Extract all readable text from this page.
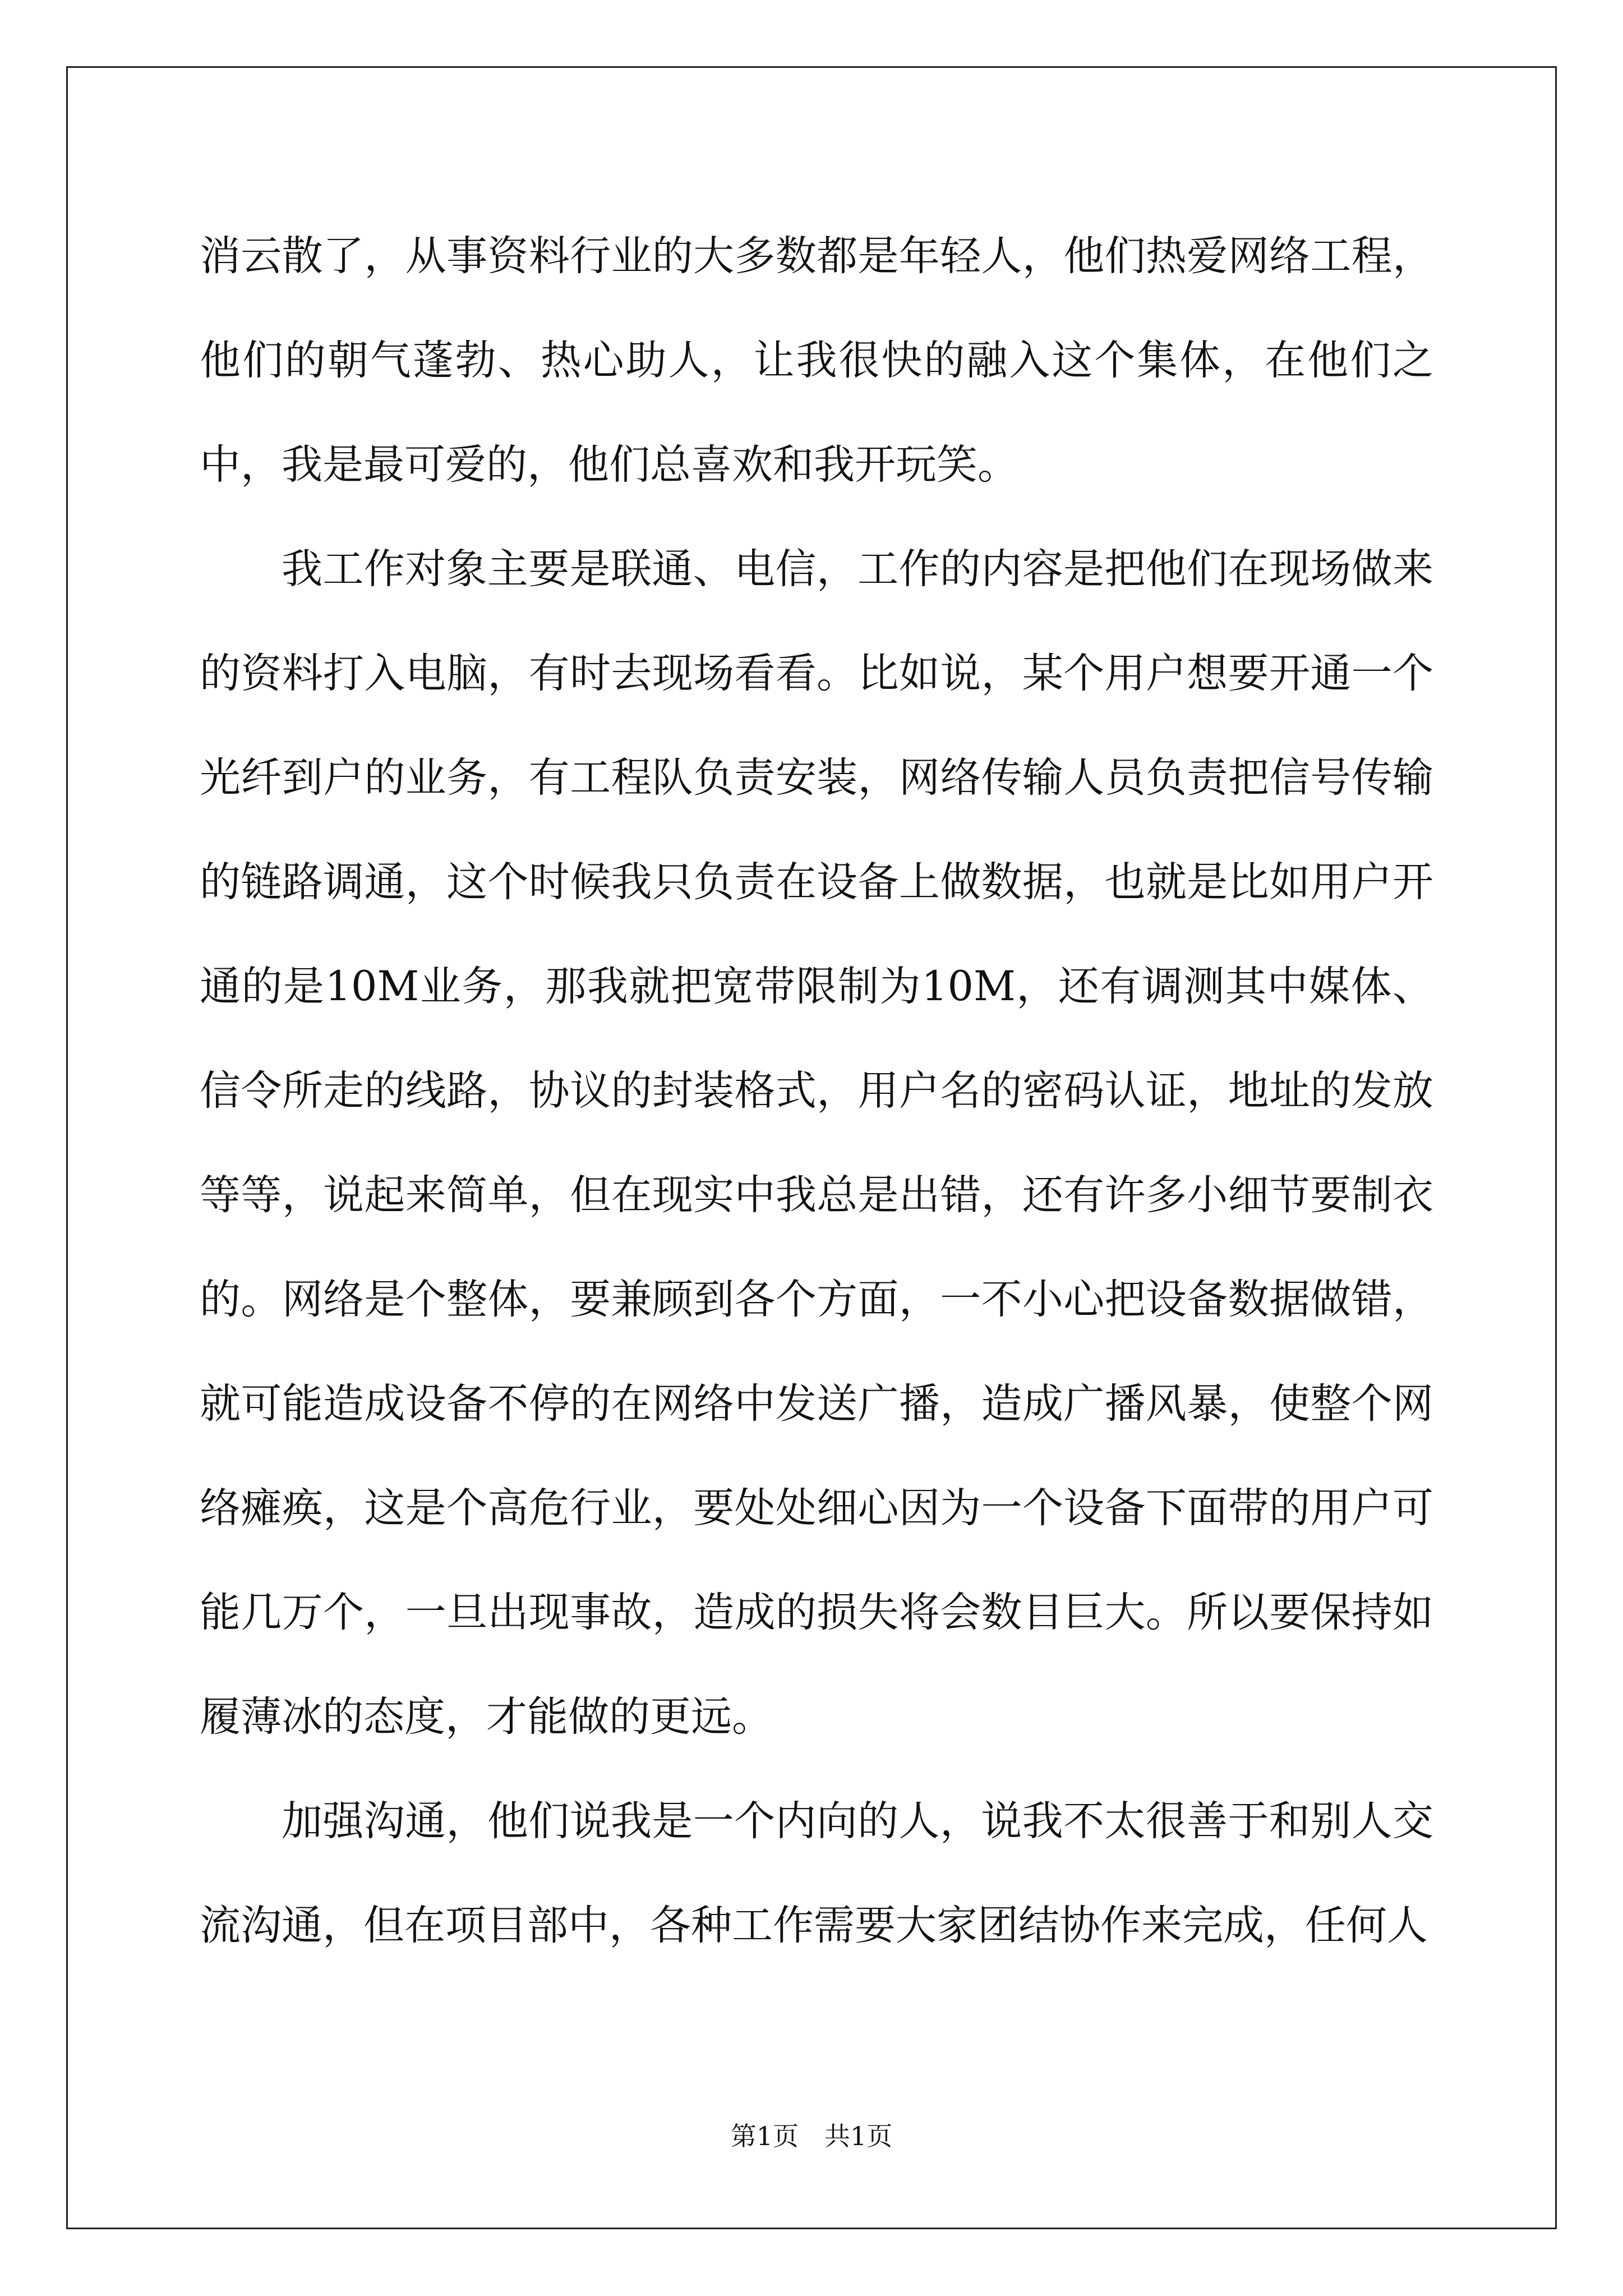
消云散了，从事资料行业的大多数都是年轻人，他们热爱网络工程，他们的朝气蓬勃、热心助人，让我很快的融入这个集体，在他们之中，我是最可爱的，他们总喜欢和我开玩笑。

我工作对象主要是联通、电信，工作的内容是把他们在现场做来的资料打入电脑，有时去现场看看。比如说，某个用户想要开通一个光纤到户的业务，有工程队负责安装，网络传输人员负责把信号传输的链路调通，这个时候我只负责在设备上做数据，也就是比如用户开通的是10M业务，那我就把宽带限制为10M，还有调测其中媒体、信令所走的线路，协议的封装格式，用户名的密码认证，地址的发放等等，说起来简单，但在现实中我总是出错，还有许多小细节要制衣的。网络是个整体，要兼顾到各个方面，一不小心把设备数据做错，就可能造成设备不停的在网络中发送广播，造成广播风暴，使整个网络瘫痪，这是个高危行业，要处处细心因为一个设备下面带的用户可能几万个，一旦出现事故，造成的损失将会数目巨大。所以要保持如履薄冰的态度，才能做的更远。

加强沟通，他们说我是一个内向的人，说我不太很善于和别人交流沟通，但在项目部中，各种工作需要大家团结协作来完成，任何人

第1页　共1页
